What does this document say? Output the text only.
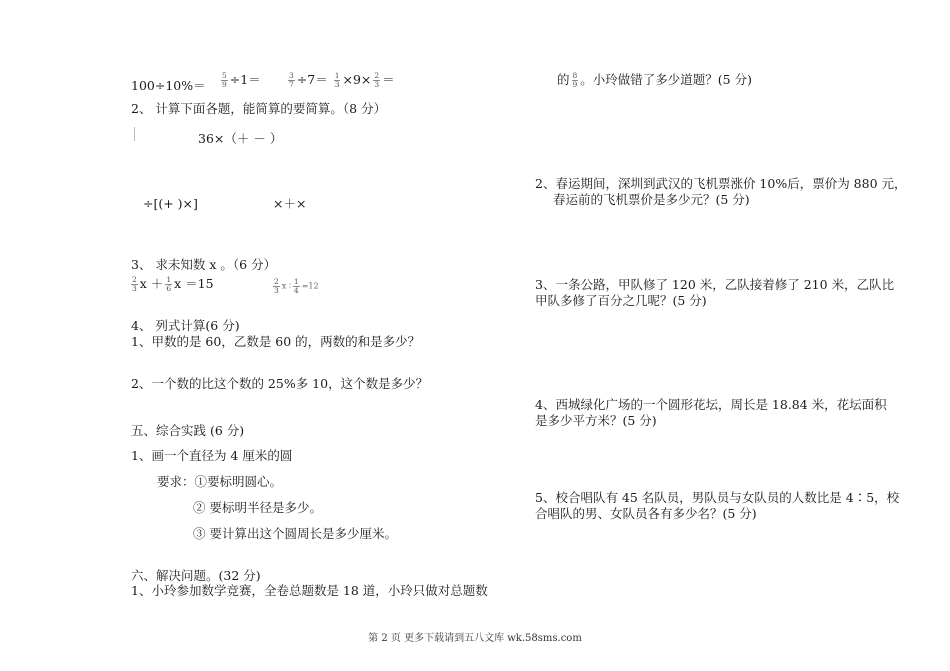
$100\div 10\%= \frac{5}{9} \div 1=$	$\frac{3}{7} \div 7= \frac{1}{3} \times 9\times \frac{2}{3}$ ＝
2、 计算下面各题，能简算的要简算。（8 分）
36×（＋ － ）
÷[(+ )×]	×＋×
3、 求未知数 x 。（6 分）
$\frac{2}{3}$ $x + \frac{1}{6}$ x ＝15	$\frac{2}{3}$ x ∶ $\frac{1}{4} =12$
4、 列式计算(6 分)
1、甲数的是 60，乙数是 60 的，两数的和是多少？
2、一个数的比这个数的 25%多 10，这个数是多少？
五、综合实践 (6 分)
1、画一个直径为 4 厘米的圆
要求：①要标明圆心。
② 要标明半径是多少。
③ 要计算出这个圆周长是多少厘米。
六、解决问题。(32 分)
1、小玲参加数学竞赛，全卷总题数是 18 道，小玲只做对总题数
的 $\frac{8}{9}$ 。小玲做错了多少道题？(5 分)
2、春运期间，深圳到武汉的飞机票涨价 10%后，票价为 880 元，
春运前的飞机票价是多少元？(5 分)
3、一条公路，甲队修了 120 米，乙队接着修了 210 米，乙队比
甲队多修了百分之几呢？(5 分)
4、西城绿化广场的一个圆形花坛，周长是 18.84 米，花坛面积
是多少平方米？(5 分)
5、校合唱队有 45 名队员，男队员与女队员的人数比是 4∶5，校
合唱队的男、女队员各有多少名？(5 分)
第 2 页 更多下载请到五八文库 wk.58sms.com
